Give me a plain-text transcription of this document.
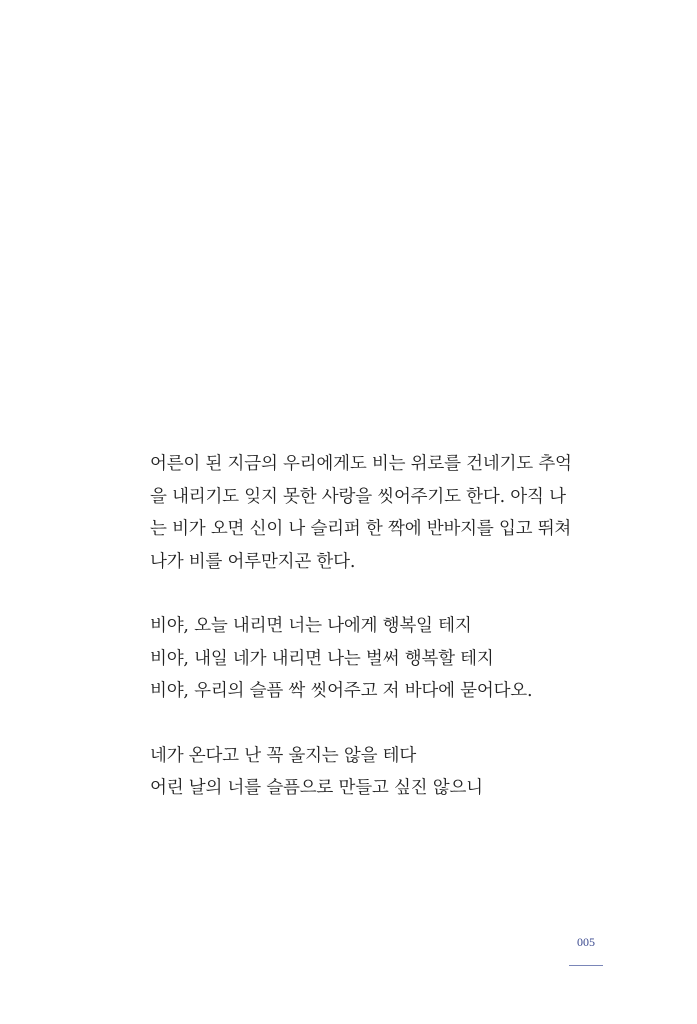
어른이 된 지금의 우리에게도 비는 위로를 건네기도 추억
을 내리기도 잊지 못한 사랑을 씻어주기도 한다. 아직 나
는 비가 오면 신이 나 슬리퍼 한 짝에 반바지를 입고 뛰쳐
나가 비를 어루만지곤 한다.

비야, 오늘 내리면 너는 나에게 행복일 테지
비야, 내일 네가 내리면 나는 벌써 행복할 테지
비야, 우리의 슬픔 싹 씻어주고 저 바다에 묻어다오.

네가 온다고 난 꼭 울지는 않을 테다
어린 날의 너를 슬픔으로 만들고 싶진 않으니

005
